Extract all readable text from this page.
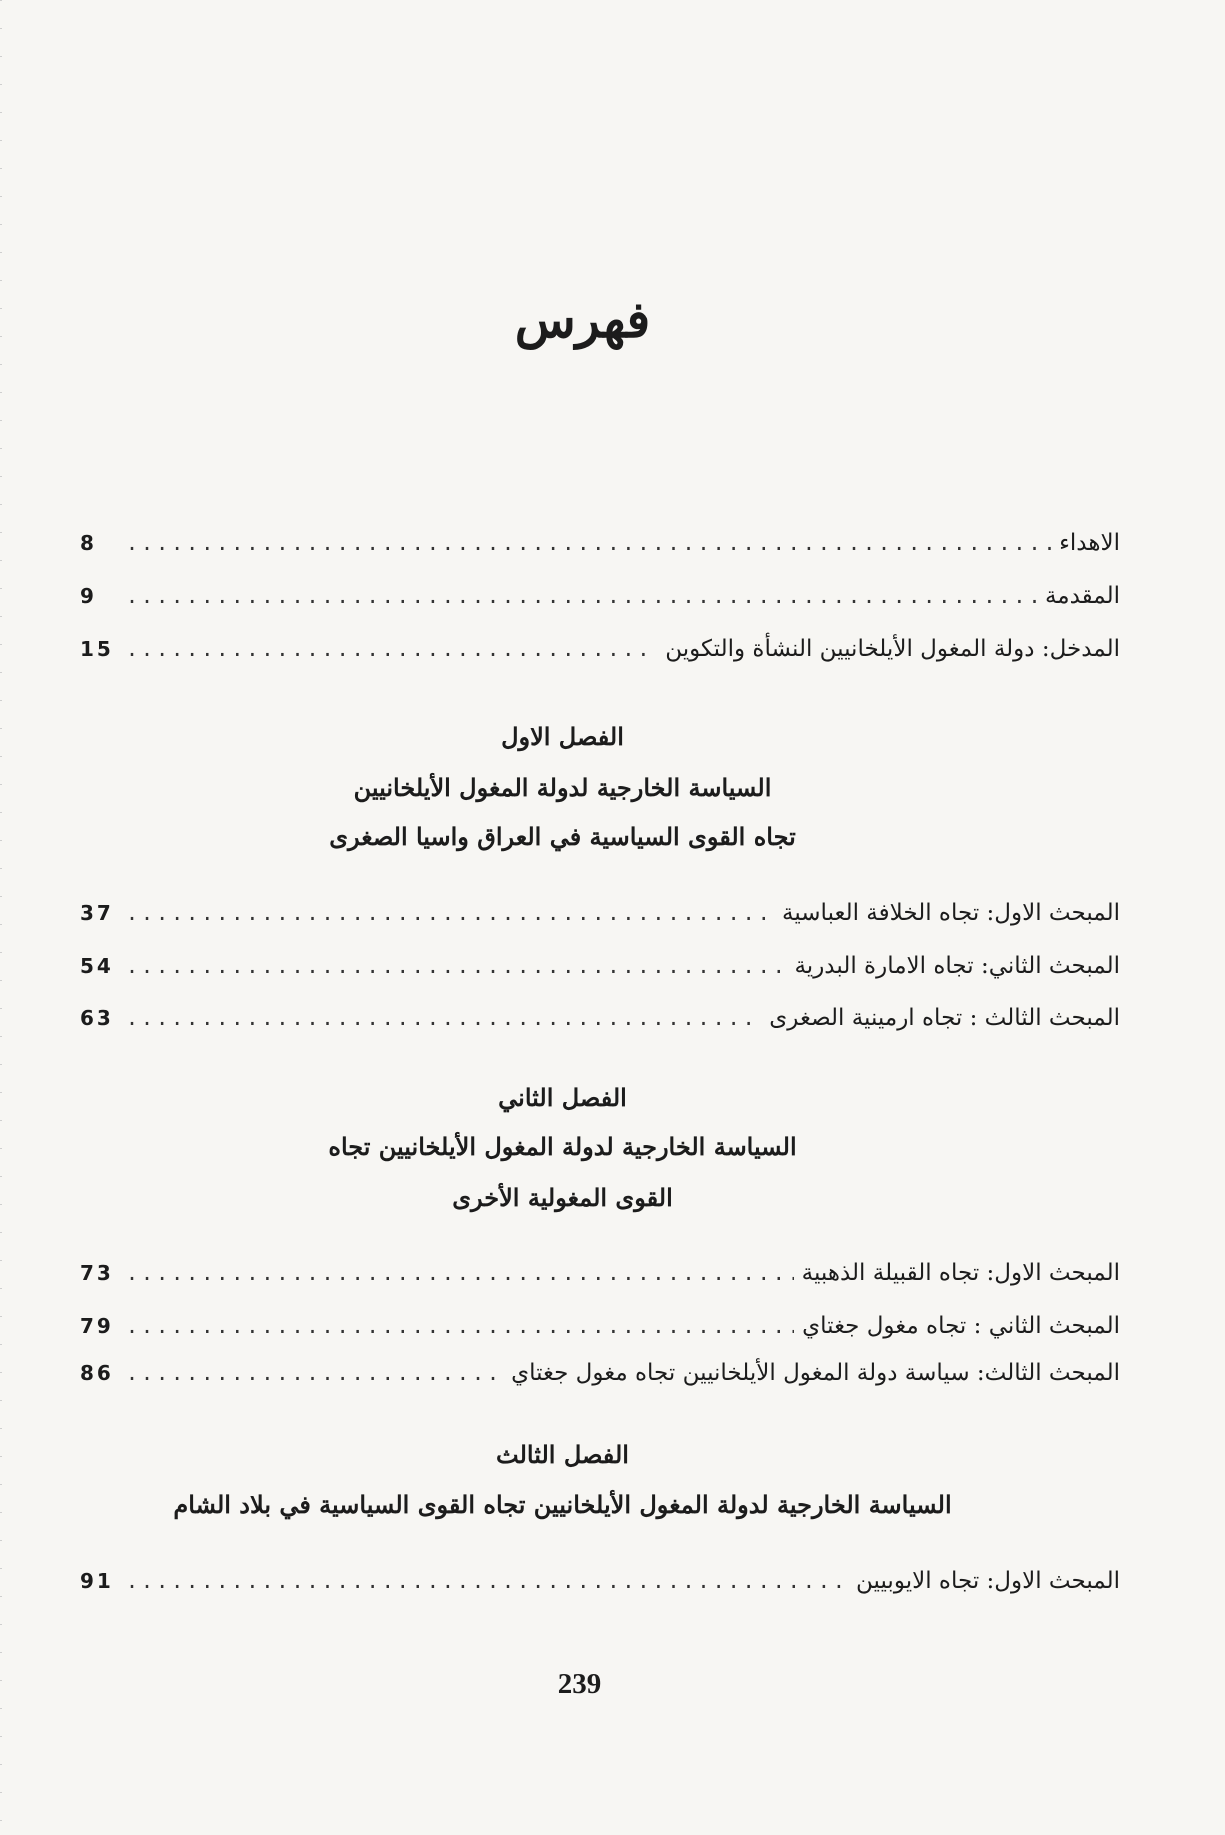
فهرس
الاهداء
.....
8
المقدمة
.....
9
المدخل: دولة المغول الأيلخانيين النشأة والتكوين
.....
15
الفصل الاول
السياسة الخارجية لدولة المغول الأيلخانيين
تجاه القوى السياسية في العراق واسيا الصغرى
المبحث الاول: تجاه الخلافة العباسية
.....
37
المبحث الثاني: تجاه الامارة البدرية
.....
54
المبحث الثالث : تجاه ارمينية الصغرى
.....
63
الفصل الثاني
السياسة الخارجية لدولة المغول الأيلخانيين تجاه
القوى المغولية الأخرى
المبحث الاول: تجاه القبيلة الذهبية
.....
73
المبحث الثاني : تجاه مغول جغتاي
.....
79
المبحث الثالث: سياسة دولة المغول الأيلخانيين تجاه مغول جغتاي
.....
86
الفصل الثالث
السياسة الخارجية لدولة المغول الأيلخانيين تجاه القوى السياسية في بلاد الشام
المبحث الاول: تجاه الايوبيين
.....
91
239
